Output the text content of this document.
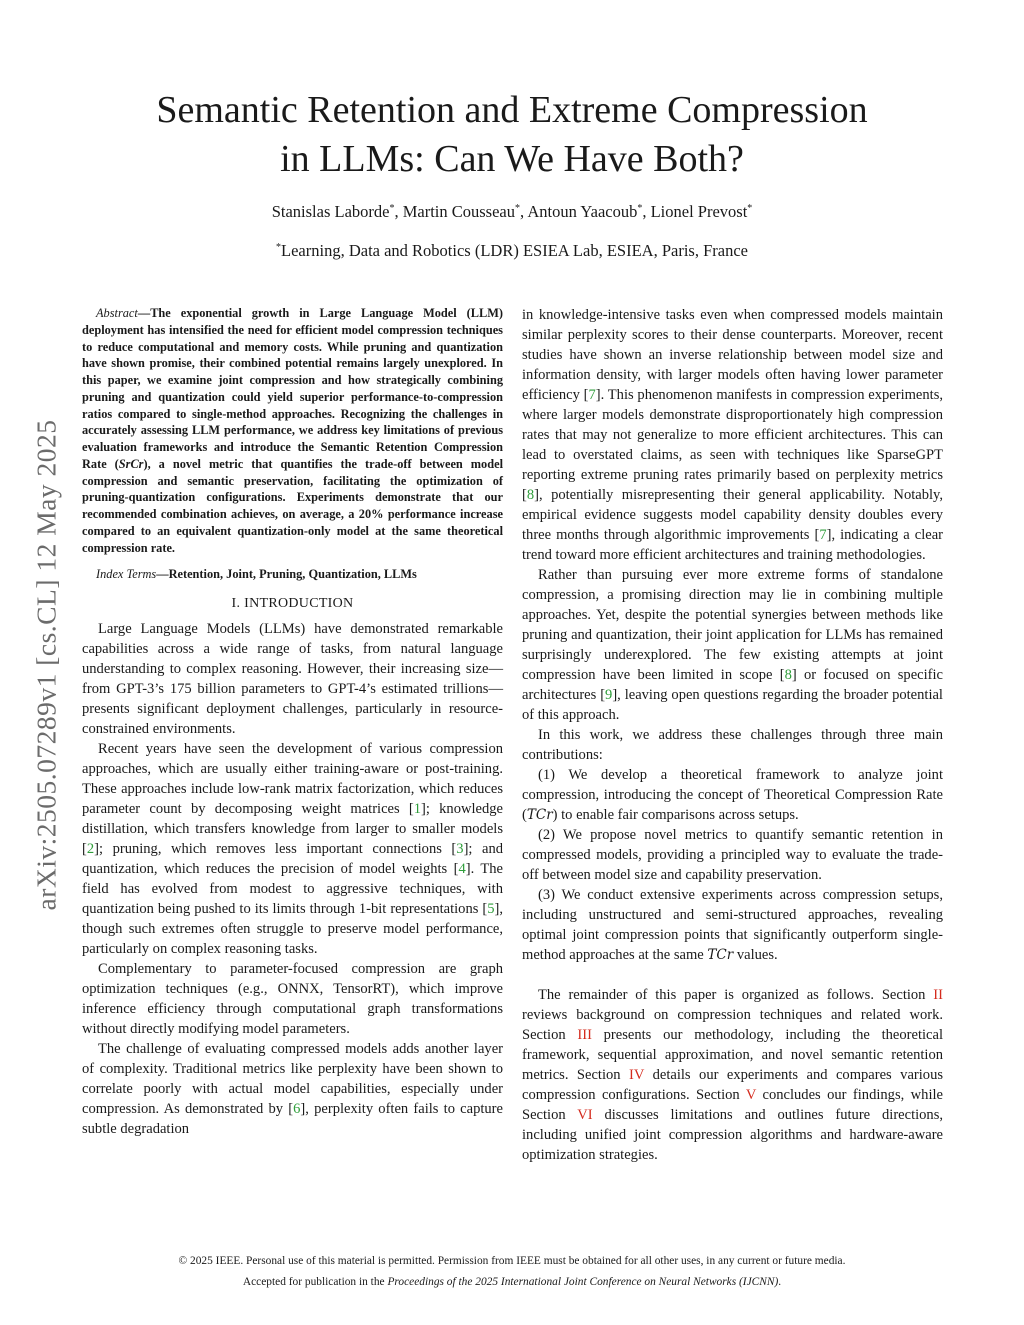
arXiv:2505.07289v1 [cs.CL] 12 May 2025
Semantic Retention and Extreme Compression
in LLMs: Can We Have Both?
Stanislas Laborde*, Martin Cousseau*, Antoun Yaacoub*, Lionel Prevost*
*Learning, Data and Robotics (LDR) ESIEA Lab, ESIEA, Paris, France

Abstract—The exponential growth in Large Language Model (LLM) deployment has intensified the need for efficient model compression techniques to reduce computational and memory costs. While pruning and quantization have shown promise, their combined potential remains largely unexplored. In this paper, we examine joint compression and how strategically combining pruning and quantization could yield superior performance-to-compression ratios compared to single-method approaches. Recognizing the challenges in accurately assessing LLM performance, we address key limitations of previous evaluation frameworks and introduce the Semantic Retention Compression Rate (SrCr), a novel metric that quantifies the trade-off between model compression and semantic preservation, facilitating the optimization of pruning-quantization configurations. Experiments demonstrate that our recommended combination achieves, on average, a 20% performance increase compared to an equivalent quantization-only model at the same theoretical compression rate.

Index Terms—Retention, Joint, Pruning, Quantization, LLMs

I. INTRODUCTION

Large Language Models (LLMs) have demonstrated remarkable capabilities across a wide range of tasks, from natural language understanding to complex reasoning. However, their increasing size—from GPT-3’s 175 billion parameters to GPT-4’s estimated trillions—presents significant deployment challenges, particularly in resource-constrained environments.

Recent years have seen the development of various compression approaches, which are usually either training-aware or post-training. These approaches include low-rank matrix factorization, which reduces parameter count by decomposing weight matrices [1]; knowledge distillation, which transfers knowledge from larger to smaller models [2]; pruning, which removes less important connections [3]; and quantization, which reduces the precision of model weights [4]. The field has evolved from modest to aggressive techniques, with quantization being pushed to its limits through 1-bit representations [5], though such extremes often struggle to preserve model performance, particularly on complex reasoning tasks.

Complementary to parameter-focused compression are graph optimization techniques (e.g., ONNX, TensorRT), which improve inference efficiency through computational graph transformations without directly modifying model parameters.

The challenge of evaluating compressed models adds another layer of complexity. Traditional metrics like perplexity have been shown to correlate poorly with actual model capabilities, especially under compression. As demonstrated by [6], perplexity often fails to capture subtle degradation

in knowledge-intensive tasks even when compressed models maintain similar perplexity scores to their dense counterparts. Moreover, recent studies have shown an inverse relationship between model size and information density, with larger models often having lower parameter efficiency [7]. This phenomenon manifests in compression experiments, where larger models demonstrate disproportionately high compression rates that may not generalize to more efficient architectures. This can lead to overstated claims, as seen with techniques like SparseGPT reporting extreme pruning rates primarily based on perplexity metrics [8], potentially misrepresenting their general applicability. Notably, empirical evidence suggests model capability density doubles every three months through algorithmic improvements [7], indicating a clear trend toward more efficient architectures and training methodologies.

Rather than pursuing ever more extreme forms of standalone compression, a promising direction may lie in combining multiple approaches. Yet, despite the potential synergies between methods like pruning and quantization, their joint application for LLMs has remained surprisingly underexplored. The few existing attempts at joint compression have been limited in scope [8] or focused on specific architectures [9], leaving open questions regarding the broader potential of this approach.

In this work, we address these challenges through three main contributions:

(1) We develop a theoretical framework to analyze joint compression, introducing the concept of Theoretical Compression Rate (TCr) to enable fair comparisons across setups.

(2) We propose novel metrics to quantify semantic retention in compressed models, providing a principled way to evaluate the trade-off between model size and capability preservation.

(3) We conduct extensive experiments across compression setups, including unstructured and semi-structured approaches, revealing optimal joint compression points that significantly outperform single-method approaches at the same TCr values.

The remainder of this paper is organized as follows. Section II reviews background on compression techniques and related work. Section III presents our methodology, including the theoretical framework, sequential approximation, and novel semantic retention metrics. Section IV details our experiments and compares various compression configurations. Section V concludes our findings, while Section VI discusses limitations and outlines future directions, including unified joint compression algorithms and hardware-aware optimization strategies.

© 2025 IEEE. Personal use of this material is permitted. Permission from IEEE must be obtained for all other uses, in any current or future media.
Accepted for publication in the Proceedings of the 2025 International Joint Conference on Neural Networks (IJCNN).
